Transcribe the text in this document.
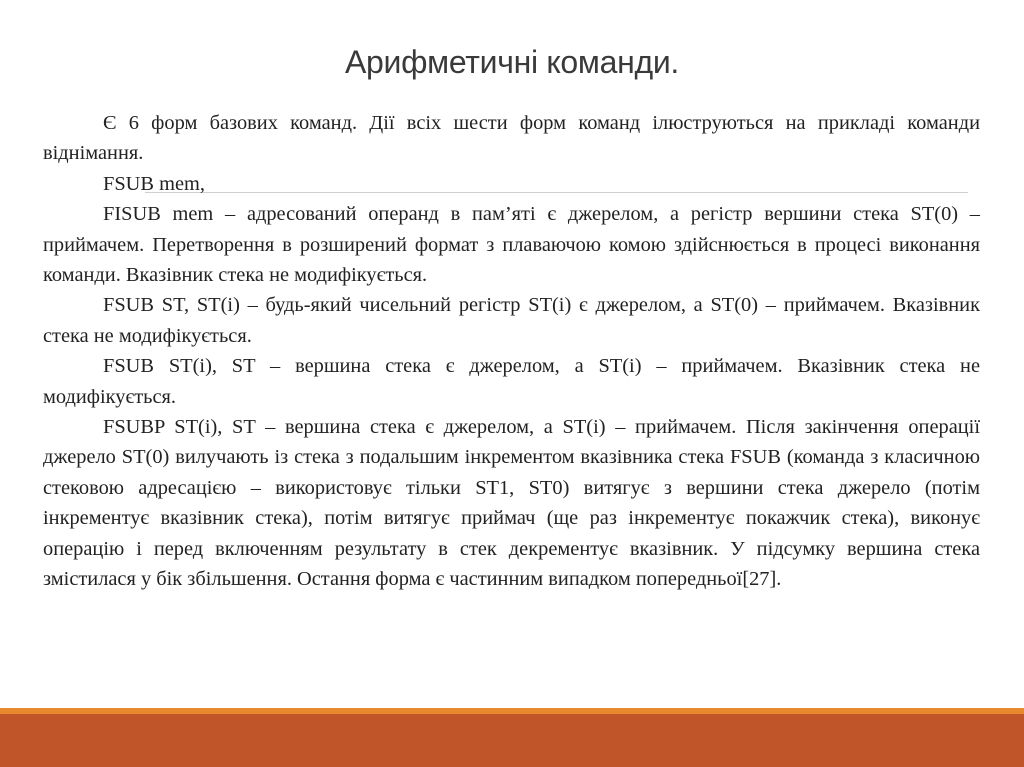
Арифметичні команди.

Є 6 форм базових команд. Дії всіх шести форм команд ілюструються на прикладі команди віднімання.

FSUB mem,

FISUB mem – адресований операнд в пам’яті є джерелом, а регістр вершини стека ST(0) – приймачем. Перетворення в розширений формат з плаваючою комою здійснюється в процесі виконання команди. Вказівник стека не модифікується.

FSUB ST, ST(i) – будь-який чисельний регістр ST(i) є джерелом, а ST(0) – приймачем. Вказівник стека не модифікується.

FSUB ST(i), ST – вершина стека є джерелом, а ST(i) – приймачем. Вказівник стека не модифікується.

FSUBP ST(i), ST – вершина стека є джерелом, а ST(i) – приймачем. Після закінчення операції джерело ST(0) вилучають із стека з подальшим інкрементом вказівника стека FSUB (команда з класичною стековою адресацією – використовує тільки ST1, ST0) витягує з вершини стека джерело (потім інкрементує вказівник стека), потім витягує приймач (ще раз інкрементує покажчик стека), виконує операцію і перед включенням результату в стек декрементує вказівник. У підсумку вершина стека змістилася у бік збільшення. Остання форма є частинним випадком попередньої[27].
